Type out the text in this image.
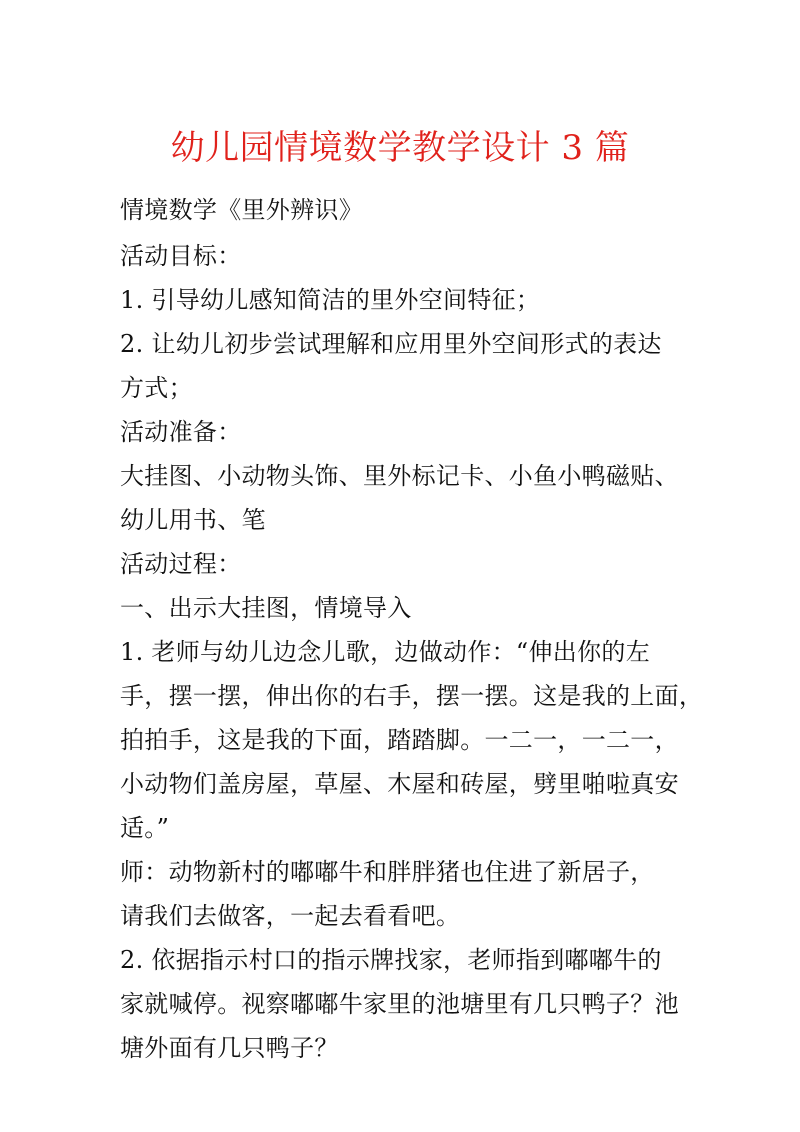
幼儿园情境数学教学设计 3 篇
情境数学《里外辨识》
活动目标：
1. 引导幼儿感知简洁的里外空间特征；
2. 让幼儿初步尝试理解和应用里外空间形式的表达
方式；
活动准备：
大挂图、小动物头饰、里外标记卡、小鱼小鸭磁贴、
幼儿用书、笔
活动过程：
一、出示大挂图，情境导入
1. 老师与幼儿边念儿歌，边做动作：“伸出你的左
手，摆一摆，伸出你的右手，摆一摆。这是我的上面，
拍拍手，这是我的下面，踏踏脚。一二一，一二一，
小动物们盖房屋，草屋、木屋和砖屋，劈里啪啦真安
适。”
师：动物新村的嘟嘟牛和胖胖猪也住进了新居子，
请我们去做客，一起去看看吧。
2. 依据指示村口的指示牌找家，老师指到嘟嘟牛的
家就喊停。视察嘟嘟牛家里的池塘里有几只鸭子？池
塘外面有几只鸭子？
